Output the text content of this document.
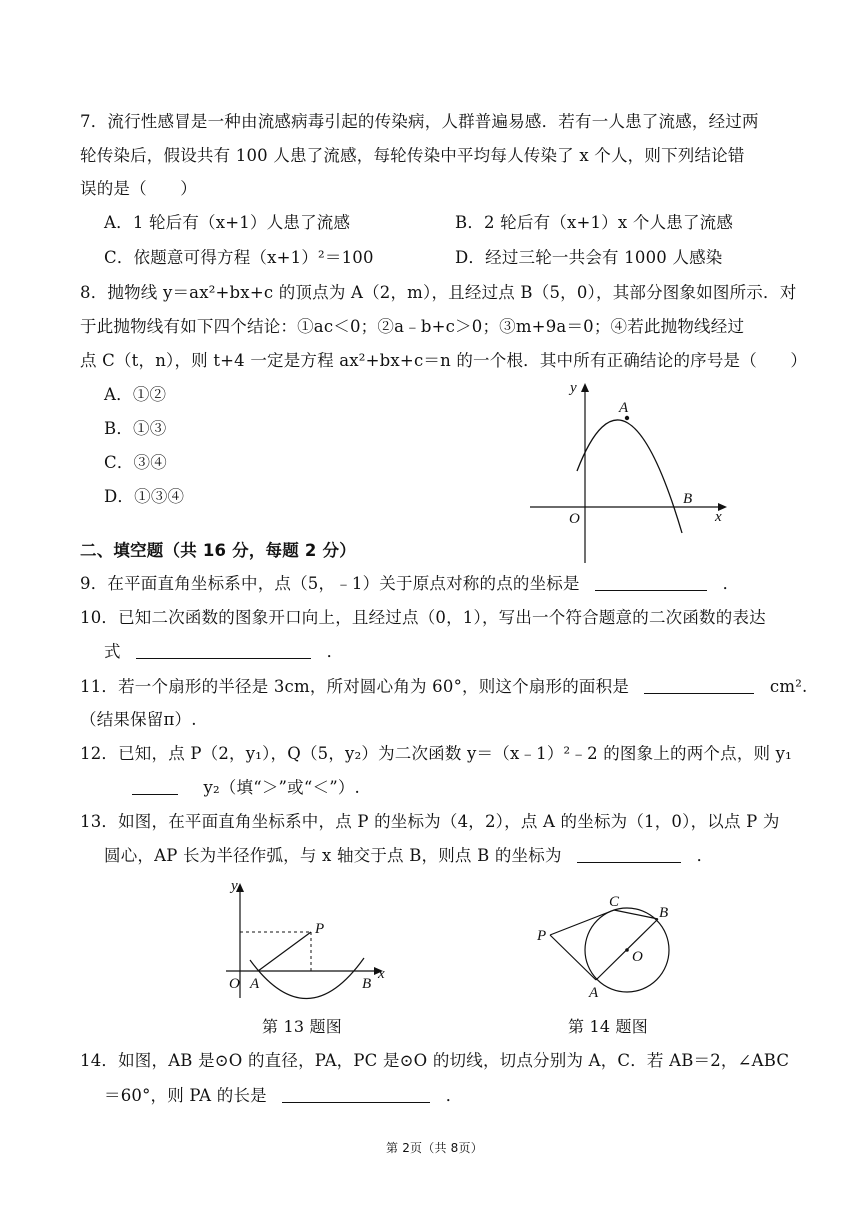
7．流行性感冒是一种由流感病毒引起的传染病，人群普遍易感．若有一人患了流感，经过两
轮传染后，假设共有 100 人患了流感，每轮传染中平均每人传染了 x 个人，则下列结论错
误的是（　　）
A．1 轮后有（x+1）人患了流感	B．2 轮后有（x+1）x 个人患了流感
C．依题意可得方程（x+1）²＝100	D．经过三轮一共会有 1000 人感染
8．抛物线 y＝ax²+bx+c 的顶点为 A（2，m），且经过点 B（5，0），其部分图象如图所示．对
于此抛物线有如下四个结论：①ac＜0；②a﹣b+c＞0；③m+9a＝0；④若此抛物线经过
点 C（t，n），则 t+4 一定是方程 ax²+bx+c＝n 的一个根．其中所有正确结论的序号是（　　）
A．①②
B．①③
C．③④
D．①③④
y
x
O
A
B
二、填空题（共 16 分，每题 2 分）
9．在平面直角坐标系中，点（5，﹣1）关于原点对称的点的坐标是	．
10．已知二次函数的图象开口向上，且经过点（0，1），写出一个符合题意的二次函数的表达
式	．
11．若一个扇形的半径是 3cm，所对圆心角为 60°，则这个扇形的面积是	cm².
（结果保留π）.
12．已知，点 P（2，y₁），Q（5，y₂）为二次函数 y＝（x﹣1）²﹣2 的图象上的两个点，则 y₁
y₂（填“＞”或“＜”）.
13．如图，在平面直角坐标系中，点 P 的坐标为（4，2），点 A 的坐标为（1，0），以点 P 为
圆心，AP 长为半径作弧，与 x 轴交于点 B，则点 B 的坐标为	．
y
x
O A	B
P
第 13 题图
P
C
B
O
A
第 14 题图
14．如图，AB 是⊙O 的直径，PA，PC 是⊙O 的切线，切点分别为 A，C．若 AB＝2，∠ABC
＝60°，则 PA 的长是	．
第 2页（共 8页）
